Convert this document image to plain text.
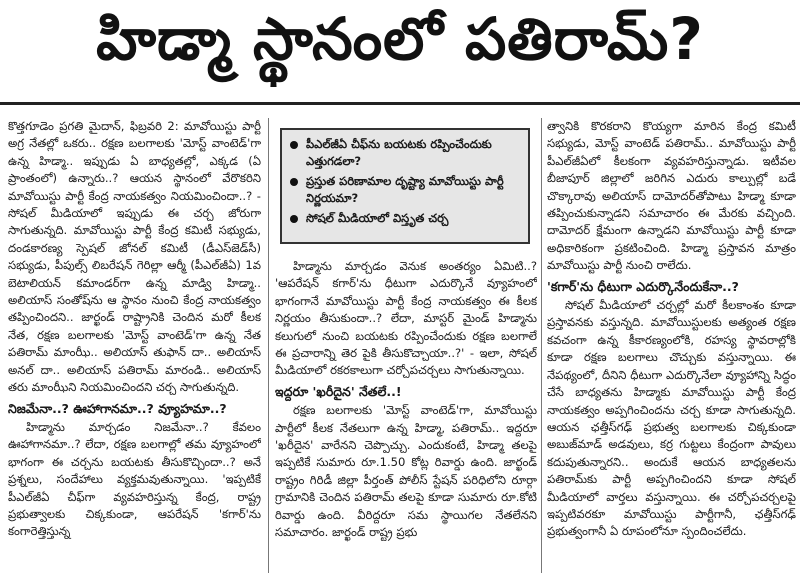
హిడ్మా స్థానంలో పతిరామ్?

కొత్తగూడెం ప్రగతి మైదాన్, ఫిబ్రవరి 2: మావోయిస్టు పార్టీ అగ్ర నేతల్లో ఒకరు.. రక్షణ బలగాలకు 'మోస్ట్ వాంటెడ్'గా ఉన్న హిడ్మా.. ఇప్పుడు ఏ బాధ్యతల్లో, ఎక్కడ (ఏ ప్రాంతంలో) ఉన్నారు..? ఆయన స్థానంలో వేరొకరిని మావోయిస్టు పార్టీ కేంద్ర నాయకత్వం నియమించిందా..? - సోషల్ మీడియాలో ఇప్పుడు ఈ చర్చ జోరుగా సాగుతున్నది. మావోయిస్టు పార్టీ కేంద్ర కమిటీ సభ్యుడు, దండకారణ్య స్పెషల్ జోనల్ కమిటీ (డీఎస్‌జెడ్‌సీ) సభ్యుడు, పీపుల్స్ లిబరేషన్ గెరిల్లా ఆర్మీ (పీఎల్‌జీఏ) 1వ బెటాలియన్ కమాండర్‌గా ఉన్న మాడ్వి హిడ్మా.. అలియాస్ సంతోష్‌ను ఆ స్థానం నుంచి కేంద్ర నాయకత్వం తప్పించిందని.. జార్ఖండ్ రాష్ట్రానికి చెందిన మరో కీలక నేత, రక్షణ బలగాలకు 'మోస్ట్ వాంటెడ్'గా ఉన్న నేత పతిరామ్ మాంఝీ.. అలియాస్ తుఫాన్ దా.. అలియాస్ అనల్ దా.. అలియాస్ పతిరామ్ మారండి.. అలియాస్ తరు మాంఝీని నియమించిందని చర్చ సాగుతున్నది.

నిజమేనా..? ఊహాగానమా..? వ్యూహమా..?

హిడ్మాను మార్చడం నిజమేనా..? కేవలం ఊహాగానమా..? లేదా, రక్షణ బలగాల్లో తమ వ్యూహంలో భాగంగా ఈ చర్చను బయటకు తీసుకొచ్చిందా..? అనే ప్రశ్నలు, సందేహాలు వ్యక్తమవుతున్నాయి. 'ఇప్పటికే పీఎల్‌జీఏ చీఫ్‌గా వ్యవహరిస్తున్న కేంద్ర, రాష్ట్ర ప్రభుత్వాలకు చిక్కకుండా, ఆపరేషన్ 'కగార్'ను కంగారెత్తిస్తున్న

పీఎల్‌జీఏ చీఫ్‌ను బయటకు రప్పించేందుకు ఎత్తుగడలా?
ప్రస్తుత పరిణామాల దృష్ట్యా మావోయిస్టు పార్టీ నిర్ణయమా?
సోషల్ మీడియాలో విస్తృత చర్చ

హిడ్మాను మార్చడం వెనుక అంతర్యం ఏమిటి..? 'ఆపరేషన్ కగార్'ను ధీటుగా ఎదుర్కొనే వ్యూహంలో భాగంగానే మావోయిస్టు పార్టీ కేంద్ర నాయకత్వం ఈ కీలక నిర్ణయం తీసుకుందా..? లేదా, మాస్టర్ మైండ్ హిడ్మాను కలుగులో నుంచి బయటకు రప్పించేందుకు రక్షణ బలగాలే ఈ ప్రచారాన్ని తెర పైకి తీసుకొచ్చాయా..?' - ఇలా, సోషల్ మీడియాలో రకరకాలుగా చర్చోపచర్చలు సాగుతున్నాయి.

ఇద్దరూ 'ఖరీదైన' నేతలే..!

రక్షణ బలగాలకు 'మోస్ట్ వాంటెడ్'గా, మావోయిస్టు పార్టీలో కీలక నేతలుగా ఉన్న హిడ్మా, పతిరామ్.. ఇద్దరూ 'ఖరీదైన' వారేనని చెప్పొచ్చు. ఎందుకంటే, హిడ్మా తలపై ఇప్పటికే సుమారు రూ.1.50 కోట్ల రివార్డు ఉంది. జార్ఖండ్ రాష్ట్రం గిరిడీ జిల్లా పీర్తంత్ పోలీస్ స్టేషన్ పరిధిలోని రూర్గా గ్రామానికి చెందిన పతిరామ్ తలపై కూడా సుమారు రూ.కోటి రివార్డు ఉంది. వీరిద్దరూ సమ స్థాయిగల నేతలేనని సమాచారం. జార్ఖండ్ రాష్ట్ర ప్రభు

త్వానికి కొరకరాని కొయ్యగా మారిన కేంద్ర కమిటీ సభ్యుడు, మోస్ట్ వాంటెడ్ పతిరామ్.. మావోయిస్టు పార్టీ పీఎల్‌జీఏలో కీలకంగా వ్యవహరిస్తున్నాడు. ఇటీవల బీజాపూర్ జిల్లాలో జరిగిన ఎదురు కాల్పుల్లో బడే చొక్కారావు అలియాస్ దామోదర్‌తోపాటు హిడ్మా కూడా తప్పించుకున్నాడని సమాచారం ఈ మేరకు వచ్చింది. దామోదర్ క్షేమంగా ఉన్నాడని మావోయిస్టు పార్టీ కూడా అధికారికంగా ప్రకటించింది. హిడ్మా ప్రస్తావన మాత్రం మావోయిస్టు పార్టీ నుంచి రాలేదు.

'కగార్'ను ధీటుగా ఎదుర్కొనేందుకేనా..?

సోషల్ మీడియాలో చర్చల్లో మరో కీలకాంశం కూడా ప్రస్తావనకు వస్తున్నది. మావోయిస్టులకు అత్యంత రక్షణ కవచంగా ఉన్న కీకారణ్యంలోకి, రహస్య స్థావరాల్లోకి కూడా రక్షణ బలగాలు చొచ్చుకు వస్తున్నాయి. ఈ నేపథ్యంలో, దీనిని ధీటుగా ఎదుర్కొనేలా వ్యూహాన్ని సిద్ధం చేసే బాధ్యతను హిడ్మాకు మావోయిస్టు పార్టీ కేంద్ర నాయకత్వం అప్పగించిందను చర్చ కూడా సాగుతున్నది. ఆయన ఛత్తీస్‌గఢ్ ప్రభుత్వ బలగాలకు చిక్కకుండా అబుజ్‌మాడ్ అడవులు, కర్ర గుట్టలు కేంద్రంగా పావులు కదుపుతున్నారని.. అందుకే ఆయన బాధ్యతలను పతిరామ్‌కు పార్టీ అప్పగించిందని కూడా సోషల్ మీడియాలో వార్తలు వస్తున్నాయి. ఈ చర్చోపచర్చలపై ఇప్పటివరకూ మావోయిస్టు పార్టీగానీ, ఛత్తీస్‌గఢ్ ప్రభుత్వంగానీ ఏ రూపంలోనూ స్పందించలేదు.
